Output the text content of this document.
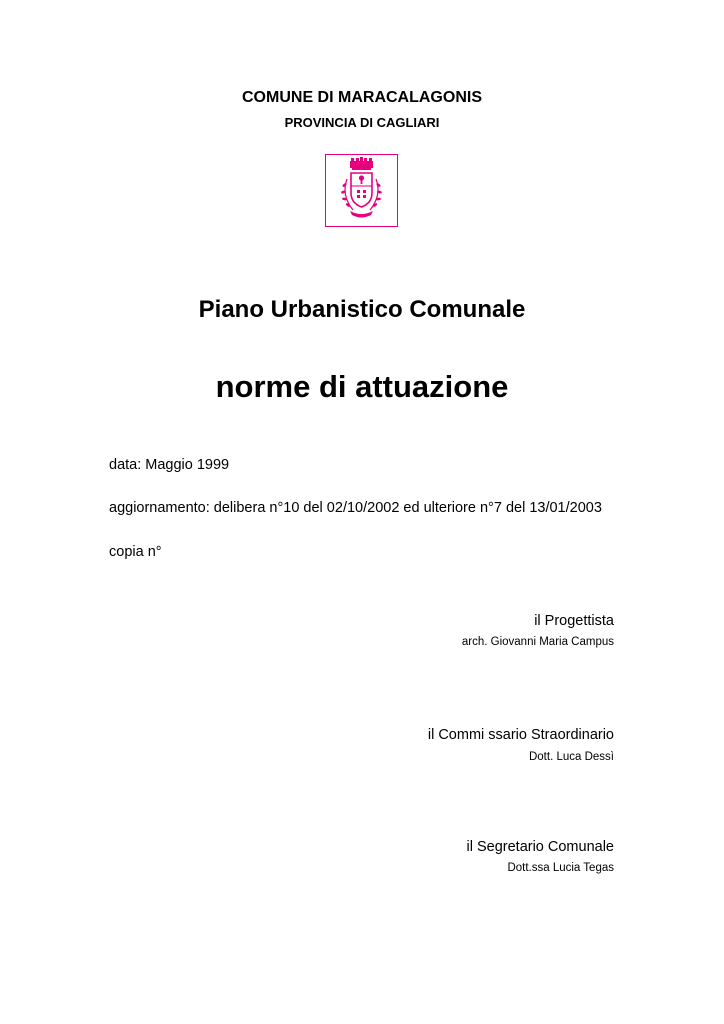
COMUNE DI MARACALAGONIS
PROVINCIA DI CAGLIARI
Piano Urbanistico Comunale
norme di attuazione
data: Maggio 1999
aggiornamento: delibera n°10 del 02/10/2002 ed ulteriore n°7 del 13/01/2003
copia n°
il Progettista
arch. Giovanni Maria Campus
il Commi ssario Straordinario
Dott. Luca Dessì
il Segretario Comunale
Dott.ssa Lucia Tegas
